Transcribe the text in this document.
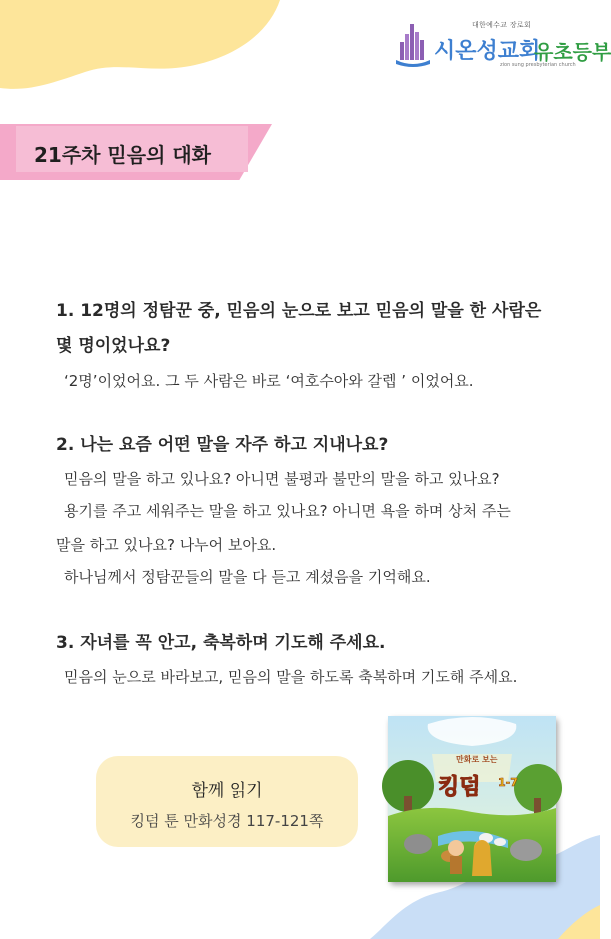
대한예수교 장로회
시온성교회
유초등부
zion sung presbyterian church
21주차 믿음의 대화
1. 12명의 정탐꾼 중, 믿음의 눈으로 보고 믿음의 말을 한 사람은
몇 명이었나요?
‘2명’이었어요. 그 두 사람은 바로 ‘여호수아와 갈렙 ’ 이었어요.
2. 나는 요즘 어떤 말을 자주 하고 지내나요?
믿음의 말을 하고 있나요? 아니면 불평과 불만의 말을 하고 있나요?
용기를 주고 세워주는 말을 하고 있나요? 아니면 욕을 하며 상처 주는
말을 하고 있나요? 나누어 보아요.
하나님께서 정탐꾼들의 말을 다 듣고 계셨음을 기억해요.
3. 자녀를 꼭 안고, 축복하며 기도해 주세요.
믿음의 눈으로 바라보고, 믿음의 말을 하도록 축복하며 기도해 주세요.
함께 읽기
킹덤 툰 만화성경 117-121쪽
만화로 보는
킹덤 1-7
